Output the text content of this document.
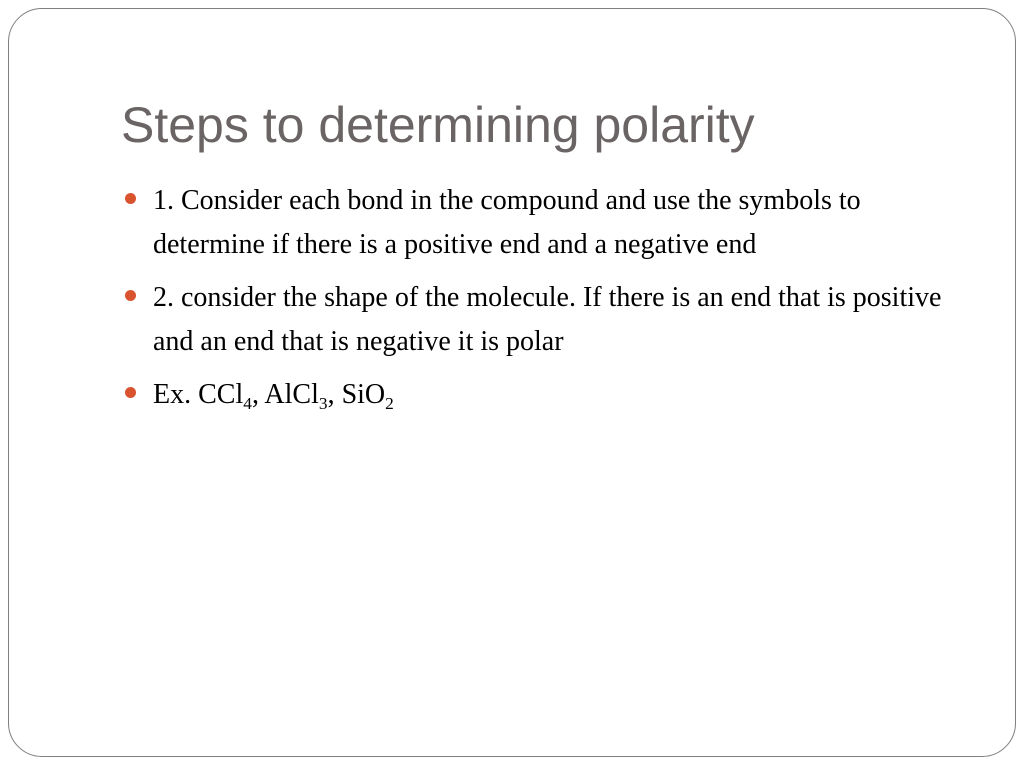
Steps to determining polarity
1. Consider each bond in the compound and use the symbols to determine if there is a positive end and a negative end
2. consider the shape of the molecule. If there is an end that is positive and an end that is negative it is polar
Ex. CCl$_4$, AlCl$_3$, SiO$_2$
